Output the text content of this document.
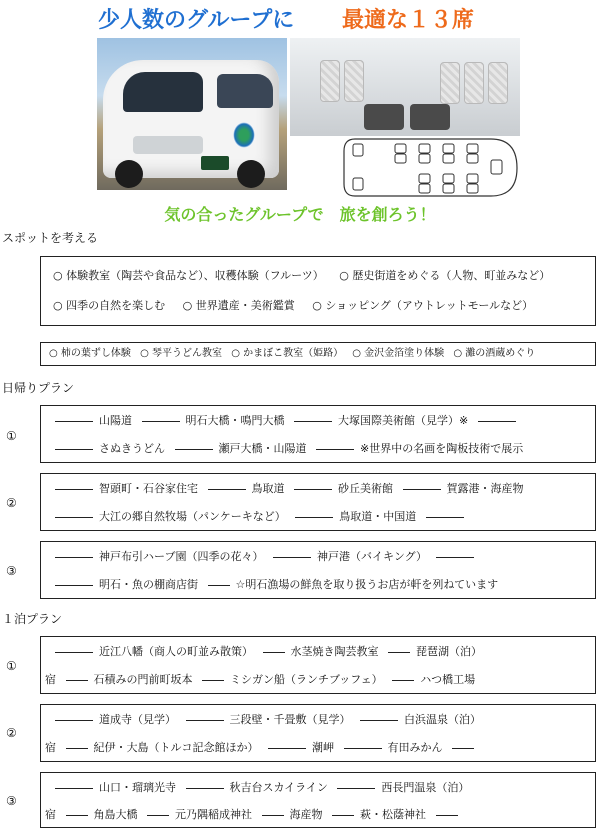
少人数のグループに 最適な１３席
気の合ったグループで　旅を創ろう！
スポットを考える
○ 体験教室（陶芸や食品など）、収穫体験（フルーツ） ○ 歴史街道をめぐる（人物、町並みなど）
○ 四季の自然を楽しむ ○ 世界遺産・美術鑑賞 ○ ショッピング（アウトレットモールなど）
○ 柿の葉ずし体験 ○ 琴平うどん教室 ○ かまぼこ教室（姫路） ○ 金沢金箔塗り体験 ○ 灘の酒蔵めぐり
日帰りプラン
①
山陽道	明石大橋・鳴門大橋	大塚国際美術館（見学）※
さぬきうどん	瀬戸大橋・山陽道	※世界中の名画を陶板技術で展示
②
智頭町・石谷家住宅	鳥取道	砂丘美術館	賀露港・海産物
大江の郷自然牧場（パンケーキなど）	鳥取道・中国道
③
神戸布引ハーブ園（四季の花々）	神戸港（バイキング）
明石・魚の棚商店街	☆明石漁場の鮮魚を取り扱うお店が軒を列ねています
１泊プラン
①
近江八幡（商人の町並み散策）	水茎焼き陶芸教室	琵琶湖（泊）
宿	石積みの門前町坂本	ミシガン船（ランチブッフェ）	ハつ橋工場
②
道成寺（見学）	三段壁・千畳敷（見学）	白浜温泉（泊）
宿	紀伊・大島（トルコ記念館ほか）	潮岬	有田みかん
③
山口・瑠璃光寺	秋吉台スカイライン	西長門温泉（泊）
宿	角島大橋	元乃隅稲成神社	海産物	萩・松蔭神社
